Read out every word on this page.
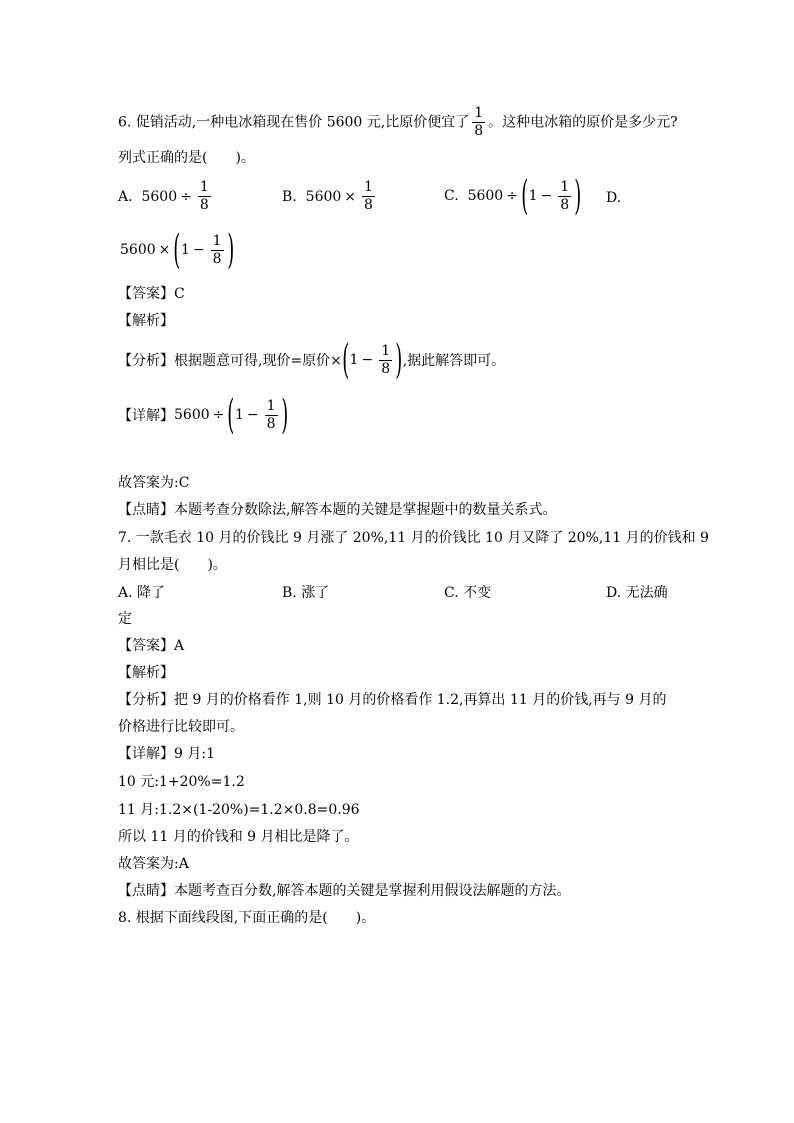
6. 促销活动,一种电冰箱现在售价 5600 元,比原价便宜了 $\frac{1}{8}$ 。这种电冰箱的原价是多少元?
列式正确的是(　　)。
A.
$5600 \div \frac{1}{8}$	B.
$5600 \times \frac{1}{8}$	C.
5600 ÷ ( $1 - \frac{1}{8}$ ) D.
5600 × ( $1 - \frac{1}{8}$ )
【答案】C
【解析】
【分析】根据题意可得,现价=原价× ( $1 - \frac{1}{8}$ ) ,据此解答即可。
【详解】 5600 ÷ ( $1 - \frac{1}{8}$ )
故答案为:C
【点睛】本题考查分数除法,解答本题的关键是掌握题中的数量关系式。
7. 一款毛衣 10 月的价钱比 9 月涨了 20%,11 月的价钱比 10 月又降了 20%,11 月的价钱和 9
月相比是(　　)。
A. 降了	B. 涨了	C. 不变	D. 无法确
定
【答案】A
【解析】
【分析】把 9 月的价格看作 1,则 10 月的价格看作 1.2,再算出 11 月的价钱,再与 9 月的
价格进行比较即可。
【详解】9 月:1
10 元:1+20%=1.2
11 月:1.2×(1-20%)=1.2×0.8=0.96
所以 11 月的价钱和 9 月相比是降了。
故答案为:A
【点睛】本题考查百分数,解答本题的关键是掌握利用假设法解题的方法。
8. 根据下面线段图,下面正确的是(　　)。
